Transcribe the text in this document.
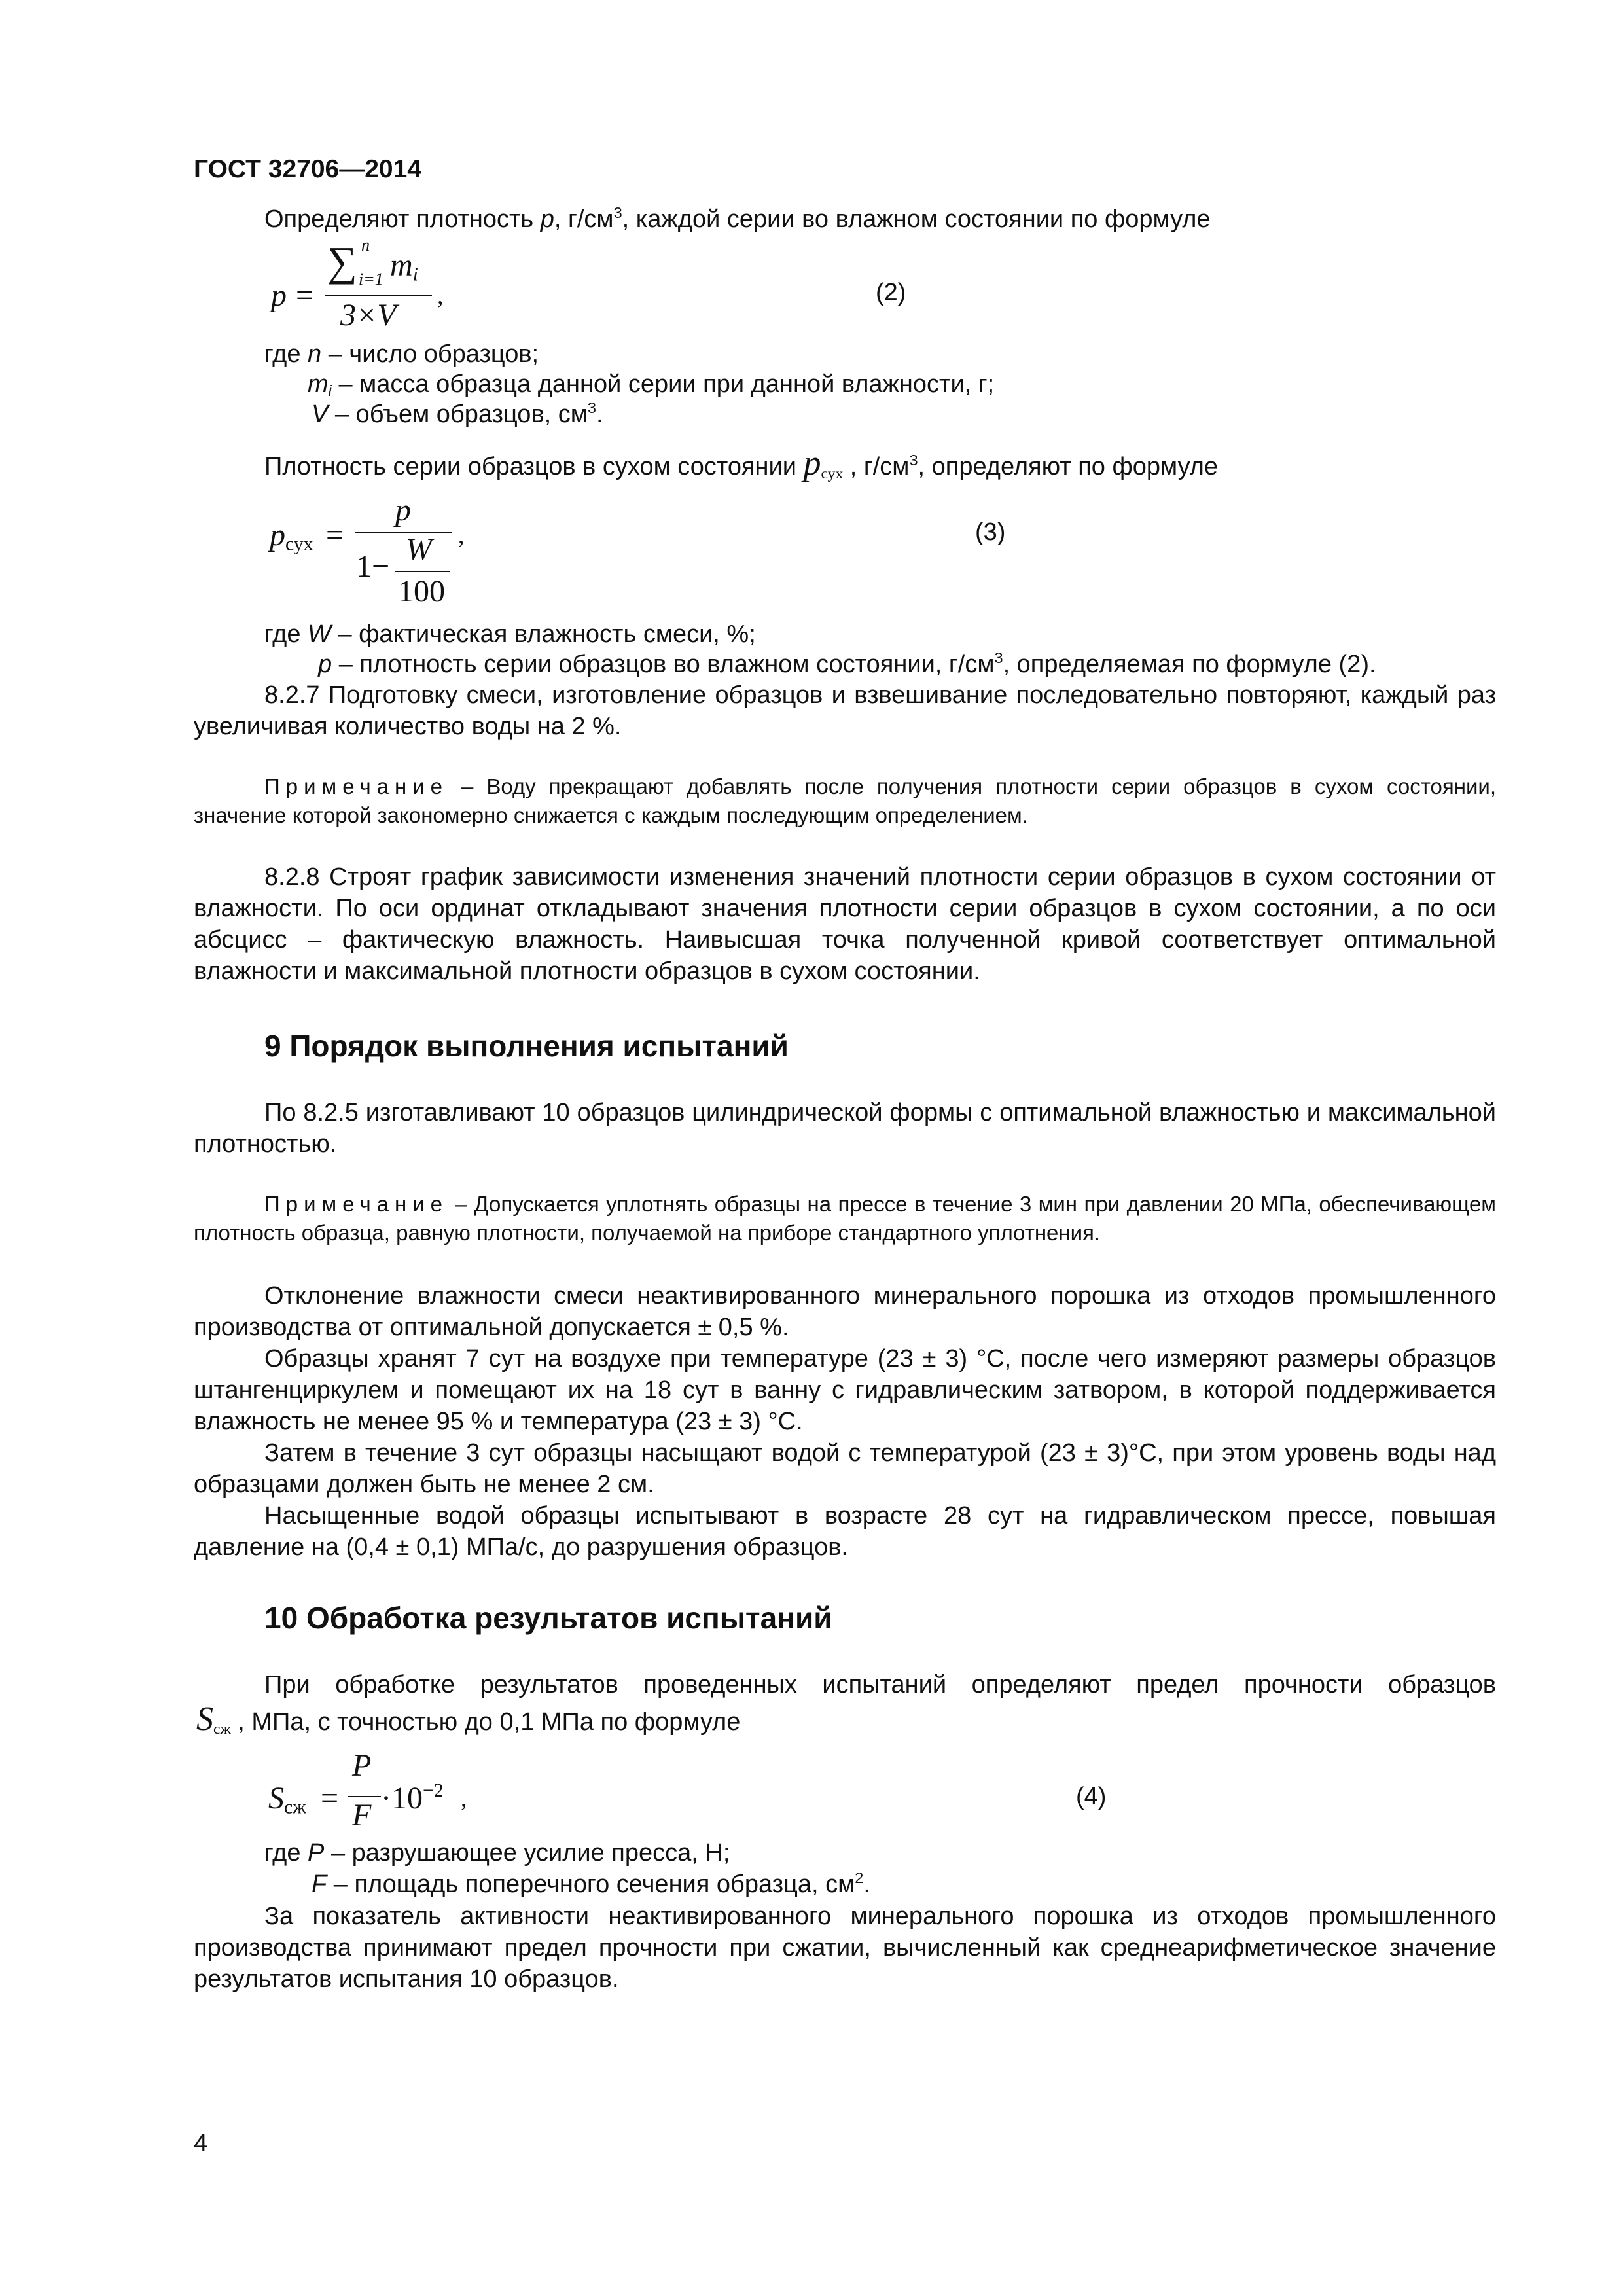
ГОСТ 32706—2014
Определяют плотность р, $г/см^3$, каждой серии во влажном состоянии по формуле
p =
∑ n
i=1 $m_i$
3×V
,	(2)
где n – число образцов;
$m_i$ – масса образца данной серии при данной влажности, г;
V – объем образцов, $см^3$.
Плотность серии образцов в сухом состоянии $p_{сух}$ , $г/см^3$, определяют по формуле
$p_{сух}$ =
p
1− W
100
,	(3)
где W – фактическая влажность смеси, %;
р – плотность серии образцов во влажном состоянии, $г/см^3$, определяемая по формуле (2).
8.2.7 Подготовку смеси, изготовление образцов и взвешивание последовательно повторяют, каждый раз увеличивая количество воды на 2 %.
Примечание – Воду прекращают добавлять после получения плотности серии образцов в сухом состоянии, значение которой закономерно снижается с каждым последующим определением.
8.2.8 Строят график зависимости изменения значений плотности серии образцов в сухом состоянии от влажности. По оси ординат откладывают значения плотности серии образцов в сухом состоянии, а по оси абсцисс – фактическую влажность. Наивысшая точка полученной кривой соответствует оптимальной влажности и максимальной плотности образцов в сухом состоянии.
9 Порядок выполнения испытаний
По 8.2.5 изготавливают 10 образцов цилиндрической формы с оптимальной влажностью и максимальной плотностью.
Примечание – Допускается уплотнять образцы на прессе в течение 3 мин при давлении 20 МПа, обеспечивающем плотность образца, равную плотности, получаемой на приборе стандартного уплотнения.
Отклонение влажности смеси неактивированного минерального порошка из отходов промышленного производства от оптимальной допускается ± 0,5 %.
Образцы хранят 7 сут на воздухе при температуре (23 ± 3) °С, после чего измеряют размеры образцов штангенциркулем и помещают их на 18 сут в ванну с гидравлическим затвором, в которой поддерживается влажность не менее 95 % и температура (23 ± 3) °С.
Затем в течение 3 сут образцы насыщают водой с температурой (23 ± 3)°С, при этом уровень воды над образцами должен быть не менее 2 см.
Насыщенные водой образцы испытывают в возрасте 28 сут на гидравлическом прессе, повышая давление на (0,4 ± 0,1) МПа/с, до разрушения образцов.
10 Обработка результатов испытаний
При обработке результатов проведенных испытаний определяют предел прочности образцов
$S_{сж}$ , МПа, с точностью до 0,1 МПа по формуле
$S_{сж}$ =
P
$F \cdot 10^{-2}$ ,	(4)
где Р – разрушающее усилие пресса, Н;
F – площадь поперечного сечения образца, $см^2$.
За показатель активности неактивированного минерального порошка из отходов промышленного производства принимают предел прочности при сжатии, вычисленный как среднеарифметическое значение результатов испытания 10 образцов.
4
